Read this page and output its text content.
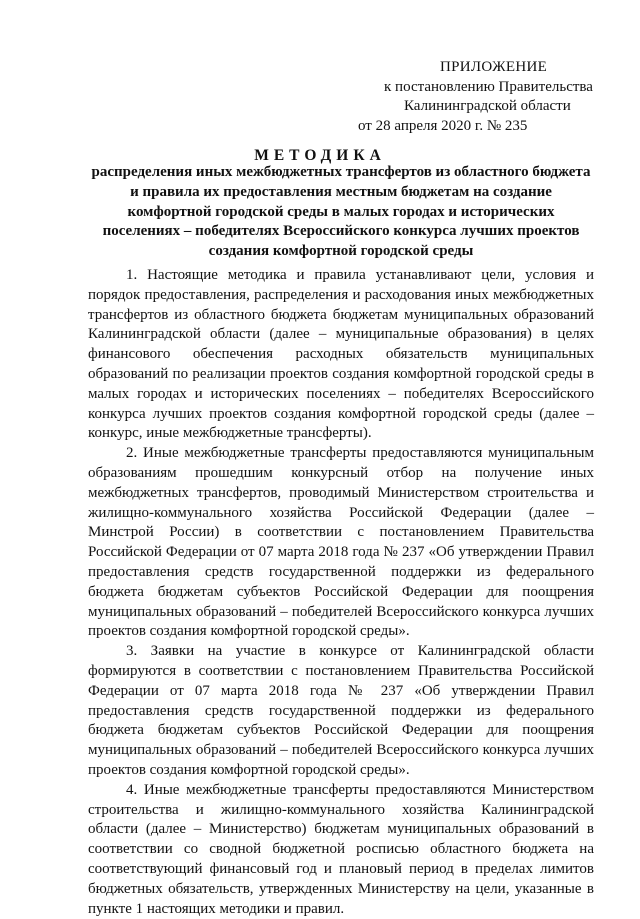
ПРИЛОЖЕНИЕ
к постановлению Правительства
Калининградской области
от 28 апреля 2020 г. № 235
МЕТОДИКА
распределения иных межбюджетных трансфертов из областного бюджета и правила их предоставления местным бюджетам на создание комфортной городской среды в малых городах и исторических поселениях – победителях Всероссийского конкурса лучших проектов создания комфортной городской среды

1. Настоящие методика и правила устанавливают цели, условия и порядок предоставления, распределения и расходования иных межбюджетных трансфертов из областного бюджета бюджетам муниципальных образований Калининградской области (далее – муниципальные образования) в целях финансового обеспечения расходных обязательств муниципальных образований по реализации проектов создания комфортной городской среды в малых городах и исторических поселениях – победителях Всероссийского конкурса лучших проектов создания комфортной городской среды (далее – конкурс, иные межбюджетные трансферты).

2. Иные межбюджетные трансферты предоставляются муниципальным образованиям прошедшим конкурсный отбор на получение иных межбюджетных трансфертов, проводимый Министерством строительства и жилищно-коммунального хозяйства Российской Федерации (далее – Минстрой России) в соответствии с постановлением Правительства Российской Федерации от 07 марта 2018 года № 237 «Об утверждении Правил предоставления средств государственной поддержки из федерального бюджета бюджетам субъектов Российской Федерации для поощрения муниципальных образований – победителей Всероссийского конкурса лучших проектов создания комфортной городской среды».

3. Заявки на участие в конкурсе от Калининградской области формируются в соответствии с постановлением Правительства Российской Федерации от 07 марта 2018 года № 237 «Об утверждении Правил предоставления средств государственной поддержки из федерального бюджета бюджетам субъектов Российской Федерации для поощрения муниципальных образований – победителей Всероссийского конкурса лучших проектов создания комфортной городской среды».

4. Иные межбюджетные трансферты предоставляются Министерством строительства и жилищно-коммунального хозяйства Калининградской области (далее – Министерство) бюджетам муниципальных образований в соответствии со сводной бюджетной росписью областного бюджета на соответствующий финансовый год и плановый период в пределах лимитов бюджетных обязательств, утвержденных Министерству на цели, указанные в пункте 1 настоящих методики и правил.
